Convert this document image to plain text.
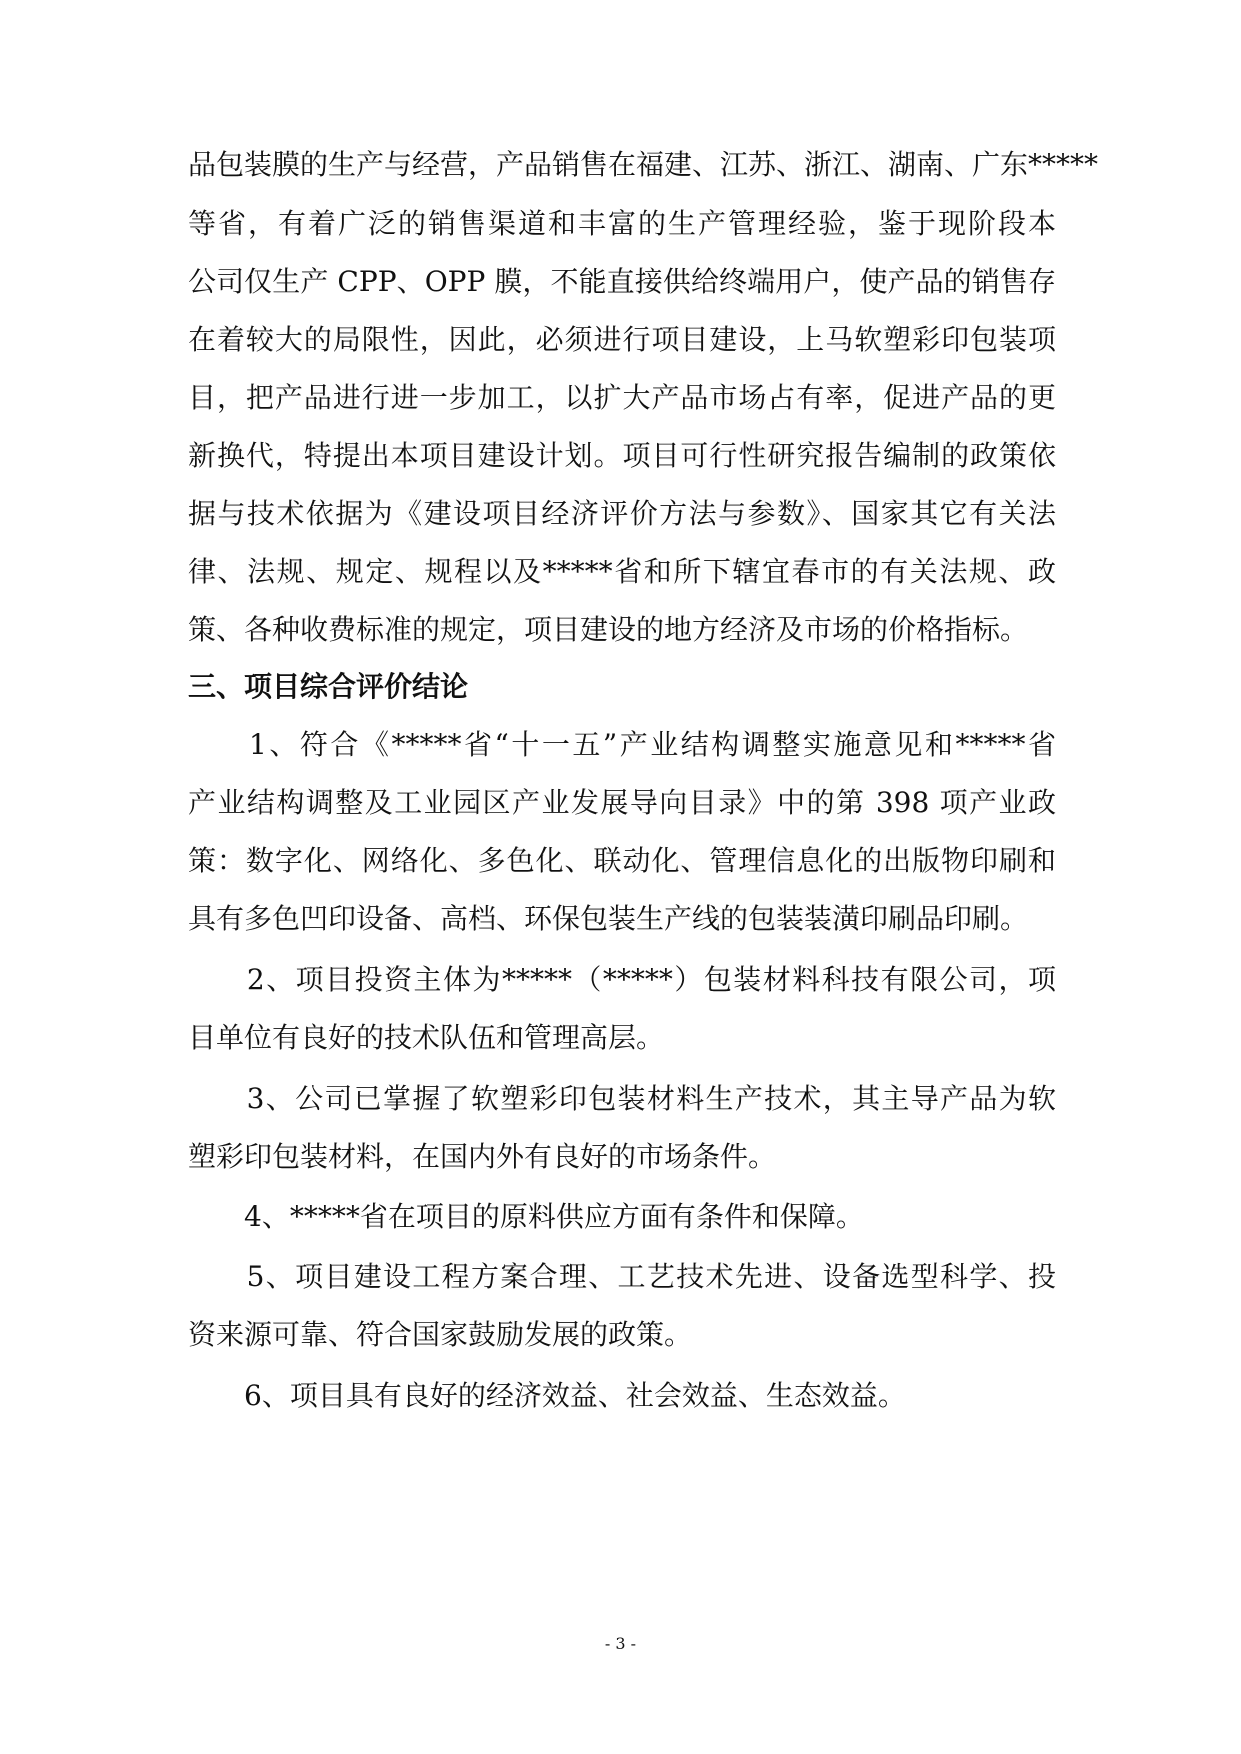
品包装膜的生产与经营，产品销售在福建、江苏、浙江、湖南、广东*****
等省，有着广泛的销售渠道和丰富的生产管理经验，鉴于现阶段本
公司仅生产 CPP、OPP 膜，不能直接供给终端用户，使产品的销售存
在着较大的局限性，因此，必须进行项目建设，上马软塑彩印包装项
目，把产品进行进一步加工，以扩大产品市场占有率，促进产品的更
新换代，特提出本项目建设计划。项目可行性研究报告编制的政策依
据与技术依据为《建设项目经济评价方法与参数》、国家其它有关法
律、法规、规定、规程以及*****省和所下辖宜春市的有关法规、政
策、各种收费标准的规定，项目建设的地方经济及市场的价格指标。
三、项目综合评价结论
　　1、符合《*****省“十一五”产业结构调整实施意见和*****省
产业结构调整及工业园区产业发展导向目录》中的第 398 项产业政
策：数字化、网络化、多色化、联动化、管理信息化的出版物印刷和
具有多色凹印设备、高档、环保包装生产线的包装装潢印刷品印刷。
　　2、项目投资主体为*****（*****）包装材料科技有限公司，项
目单位有良好的技术队伍和管理高层。
　　3、公司已掌握了软塑彩印包装材料生产技术，其主导产品为软
塑彩印包装材料，在国内外有良好的市场条件。
　　4、*****省在项目的原料供应方面有条件和保障。
　　5、项目建设工程方案合理、工艺技术先进、设备选型科学、投
资来源可靠、符合国家鼓励发展的政策。
　　6、项目具有良好的经济效益、社会效益、生态效益。
- 3 -
